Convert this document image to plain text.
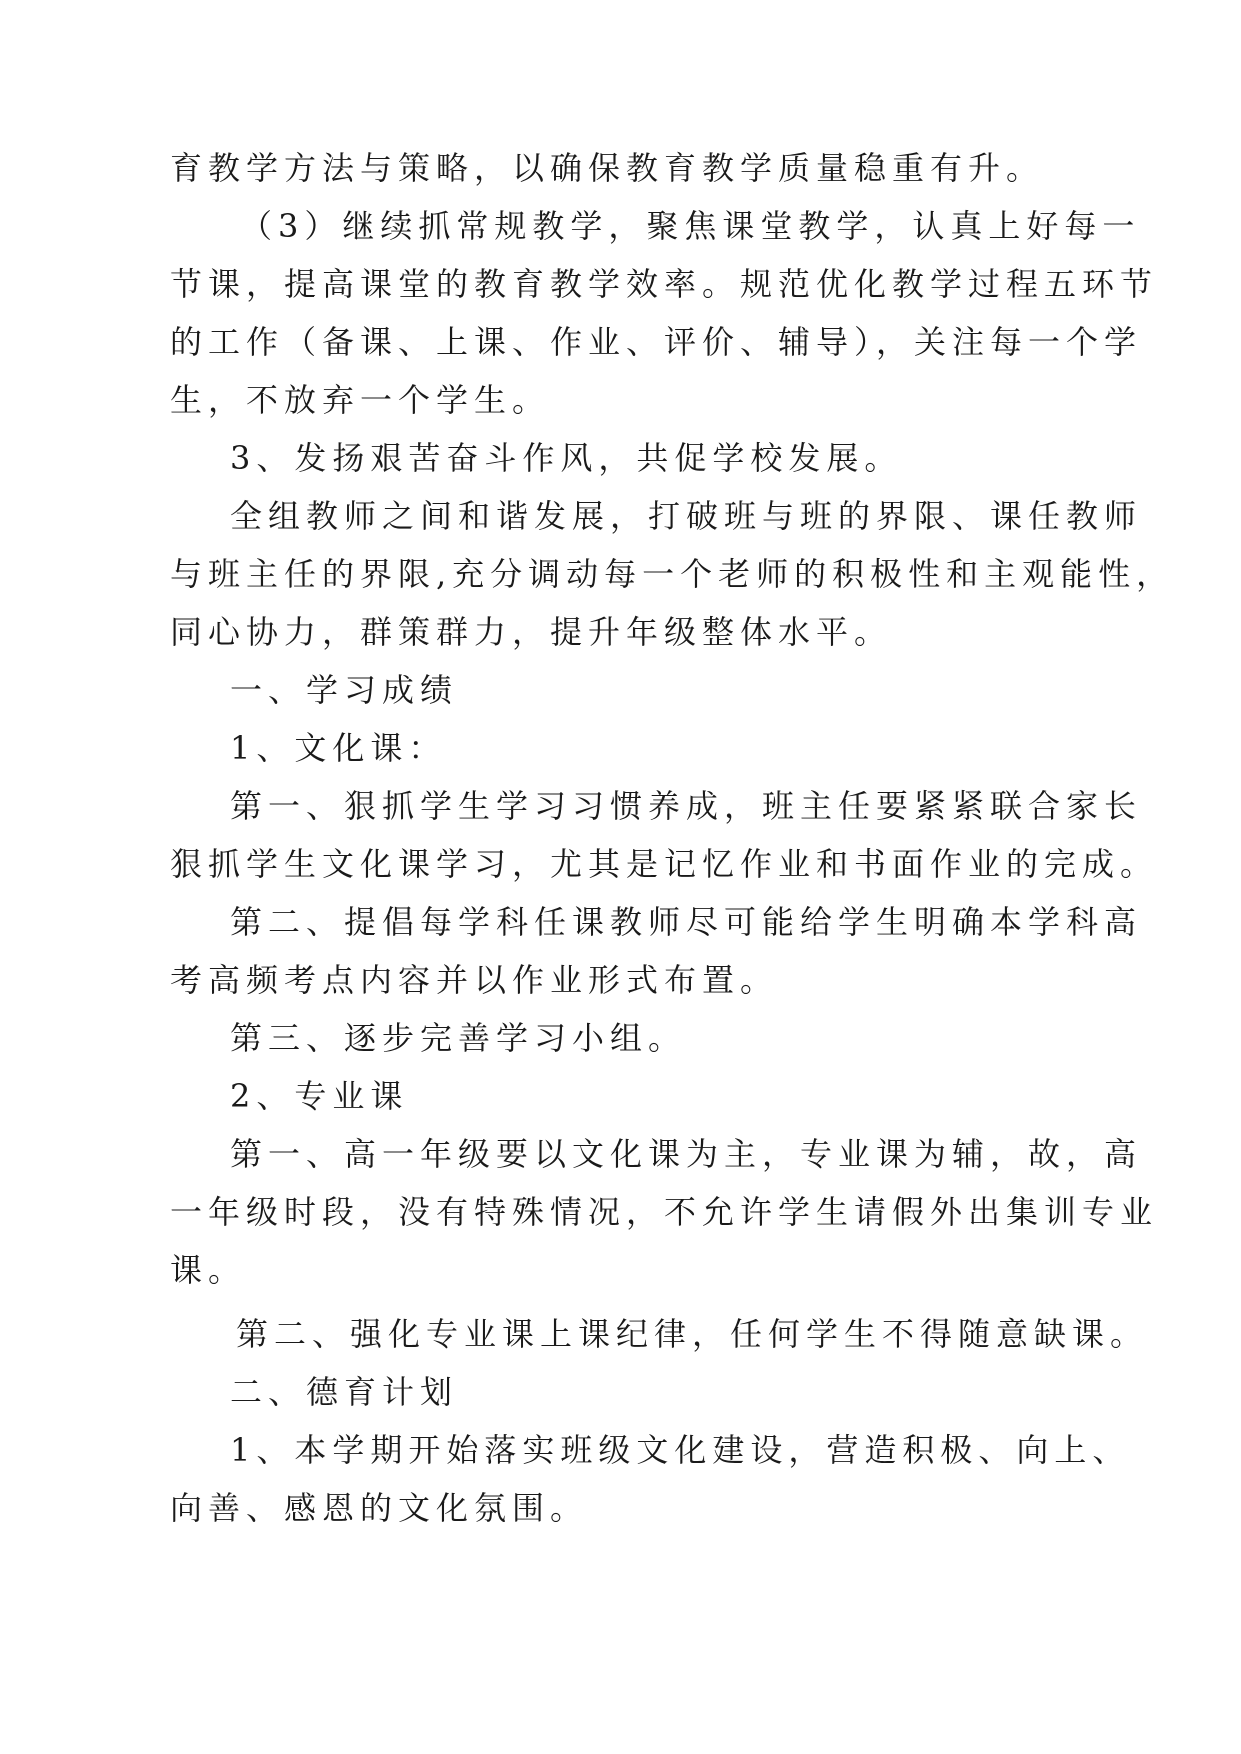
育教学方法与策略，以确保教育教学质量稳重有升。
（3）继续抓常规教学，聚焦课堂教学，认真上好每一
节课，提高课堂的教育教学效率。规范优化教学过程五环节
的工作（备课、上课、作业、评价、辅导），关注每一个学
生，不放弃一个学生。
3、发扬艰苦奋斗作风，共促学校发展。
全组教师之间和谐发展，打破班与班的界限、课任教师
与班主任的界限,充分调动每一个老师的积极性和主观能性，
同心协力，群策群力，提升年级整体水平。
一、学习成绩
1、文化课：
第一、狠抓学生学习习惯养成，班主任要紧紧联合家长
狠抓学生文化课学习，尤其是记忆作业和书面作业的完成。
第二、提倡每学科任课教师尽可能给学生明确本学科高
考高频考点内容并以作业形式布置。
第三、逐步完善学习小组。
2、专业课
第一、高一年级要以文化课为主，专业课为辅，故，高
一年级时段，没有特殊情况，不允许学生请假外出集训专业
课。
第二、强化专业课上课纪律，任何学生不得随意缺课。
二、德育计划
1、本学期开始落实班级文化建设，营造积极、向上、
向善、感恩的文化氛围。
